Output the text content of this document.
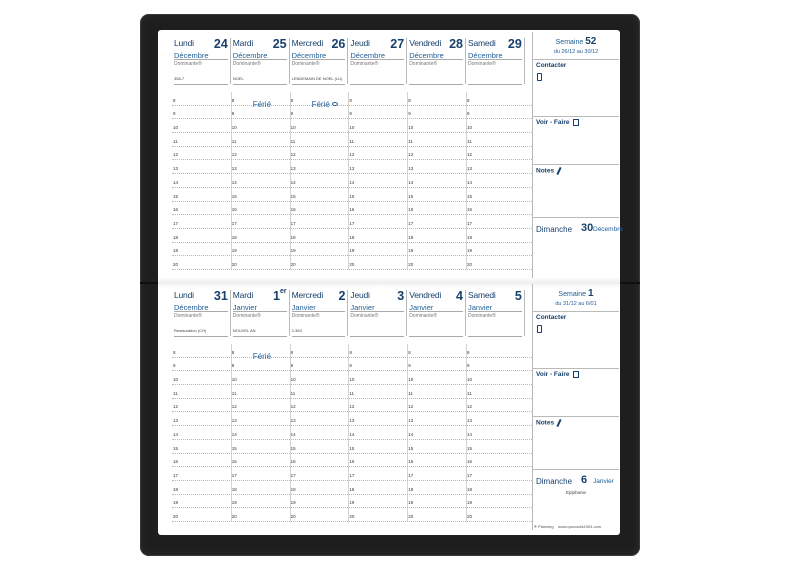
Lundi 24
Décembre
Dominante®
358-7
Mardi 25
Décembre
Dominante®
NOËL
Mercredi 26
Décembre
Dominante®
LENDEMAIN DE NOËL (LU)
Jeudi 27
Décembre
Dominante®
Vendredi 28
Décembre
Dominante®
Samedi 29
Décembre
Dominante®
8	8	8	8	8	8
9	9	9	9	9	9
10	10	10	10	10	10
11	11	11	11	11	11
12	12	12	12	12	12
13	13	13	13	13	13
14	14	14	14	14	14
15	15	15	15	15	15
16	16	16	16	16	16
17	17	17	17	17	17
18	18	18	18	18	18
19	19	19	19	19	19
20	20	20	20	20	20
Férié	Férié
Semaine 52
du 26/12 au 30/12
Contacter
Voir - Faire
Notes
Dimanche 30 Décembre
Lundi 31
Décembre
Dominante®
Restauration (CH)
Mardi 1er
Janvier
Dominante®
NOUVEL AN
Mercredi 2
Janvier
Dominante®
2-363
Jeudi 3
Janvier
Dominante®
Vendredi 4
Janvier
Dominante®
Samedi 5
Janvier
Dominante®
8	8	8	8	8	8
9	9	9	9	9	9
10	10	10	10	10	10
11	11	11	11	11	11
12	12	12	12	12	12
13	13	13	13	13	13
14	14	14	14	14	14
15	15	15	15	15	15
16	16	16	16	16	16
17	17	17	17	17	17
18	18	18	18	18	18
19	19	19	19	19	19
20	20	20	20	20	20
Férié
Semaine 1
du 31/12 au 6/01
Contacter
Voir - Faire
Notes
Dimanche 6 Janvier
Epiphanie
® Planning www.quovadis1954.com
